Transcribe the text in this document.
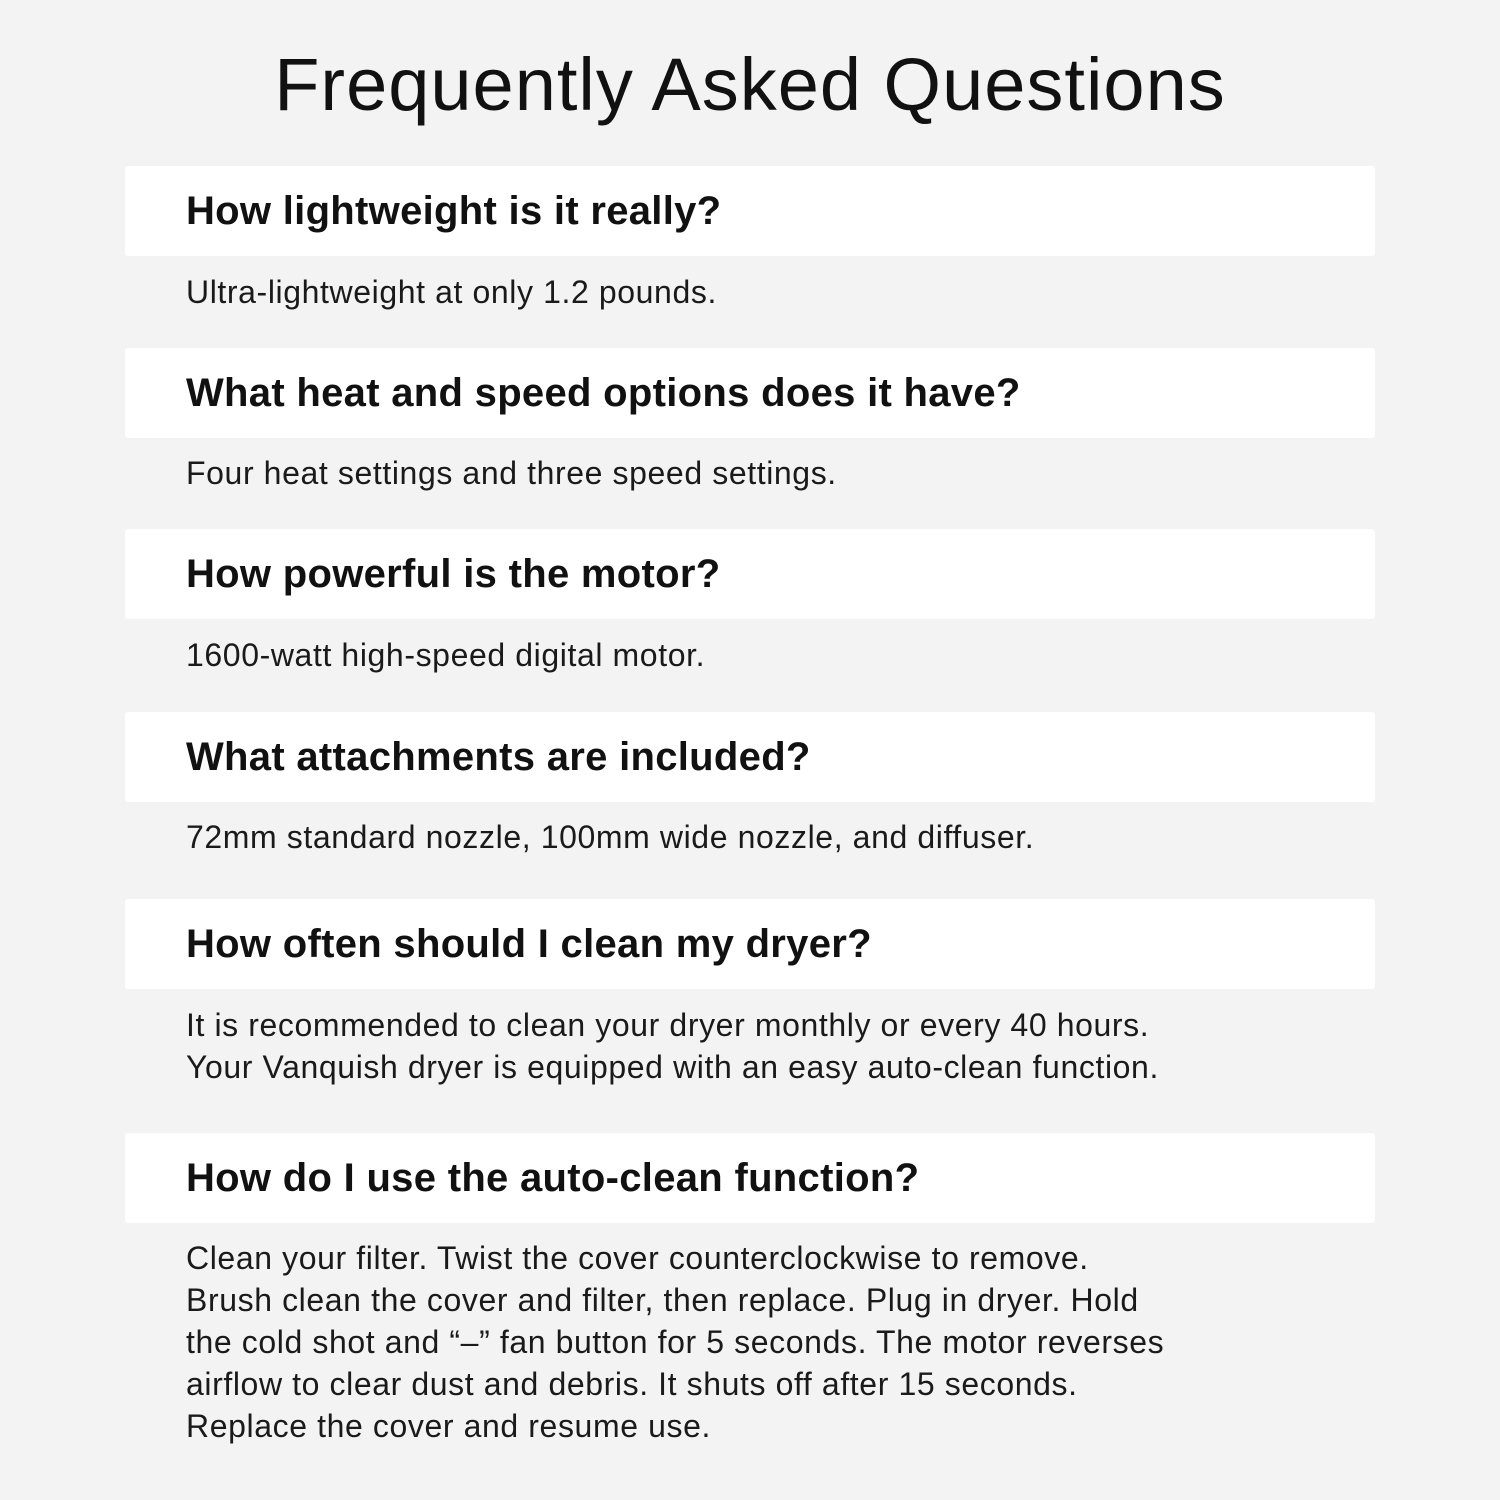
Frequently Asked Questions
How lightweight is it really?
Ultra-lightweight at only 1.2 pounds.
What heat and speed options does it have?
Four heat settings and three speed settings.
How powerful is the motor?
1600-watt high-speed digital motor.
What attachments are included?
72mm standard nozzle, 100mm wide nozzle, and diffuser.
How often should I clean my dryer?
It is recommended to clean your dryer monthly or every 40 hours.
Your Vanquish dryer is equipped with an easy auto-clean function.
How do I use the auto-clean function?
Clean your filter. Twist the cover counterclockwise to remove.
Brush clean the cover and filter, then replace. Plug in dryer. Hold
the cold shot and “–” fan button for 5 seconds. The motor reverses
airflow to clear dust and debris. It shuts off after 15 seconds.
Replace the cover and resume use.
